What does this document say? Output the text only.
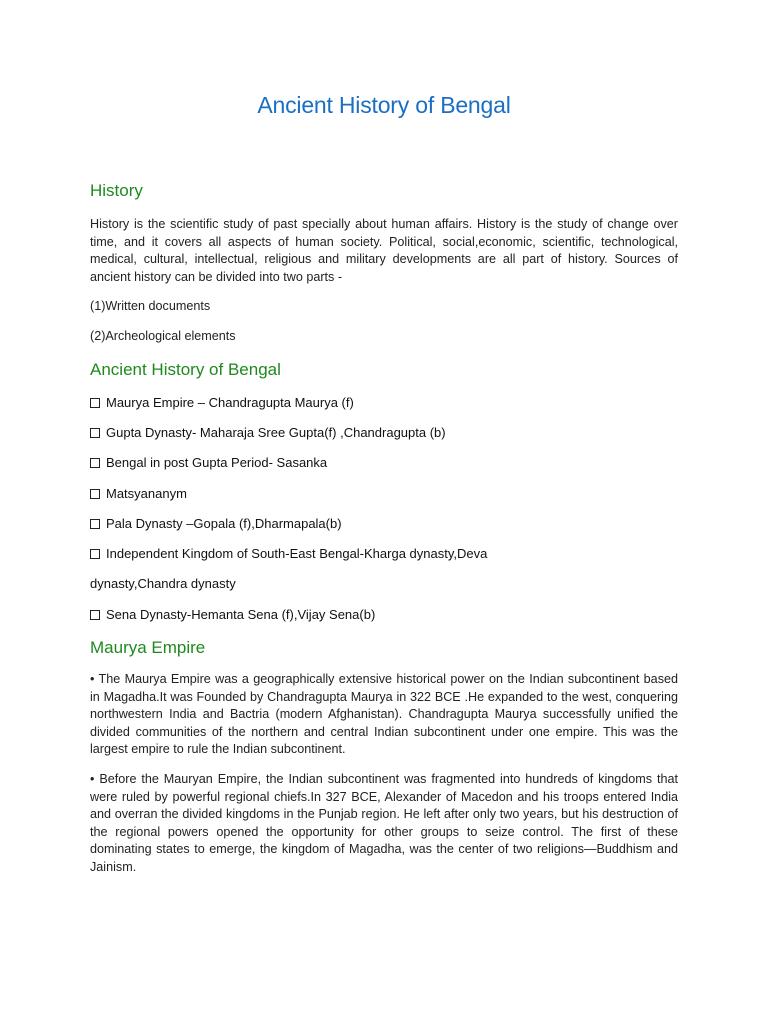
Ancient History of Bengal
History

History is the scientific study of past specially about human affairs. History is the study of change over time, and it covers all aspects of human society. Political, social,economic, scientific, technological, medical, cultural, intellectual, religious and military developments are all part of history. Sources of ancient history can be divided into two parts -

(1)Written documents

(2)Archeological elements

Ancient History of Bengal
Maurya Empire – Chandragupta Maurya (f)
Gupta Dynasty- Maharaja Sree Gupta(f) ,Chandragupta (b)
Bengal in post Gupta Period- Sasanka
Matsyananym
Pala Dynasty –Gopala (f),Dharmapala(b)
Independent Kingdom of South-East Bengal-Kharga dynasty,Deva
dynasty,Chandra dynasty
Sena Dynasty-Hemanta Sena (f),Vijay Sena(b)
Maurya Empire

• The Maurya Empire was a geographically extensive historical power on the Indian subcontinent based in Magadha.It was Founded by Chandragupta Maurya in 322 BCE .He expanded to the west, conquering northwestern India and Bactria (modern Afghanistan). Chandragupta Maurya successfully unified the divided communities of the northern and central Indian subcontinent under one empire. This was the largest empire to rule the Indian subcontinent.

• Before the Mauryan Empire, the Indian subcontinent was fragmented into hundreds of kingdoms that were ruled by powerful regional chiefs.In 327 BCE, Alexander of Macedon and his troops entered India and overran the divided kingdoms in the Punjab region. He left after only two years, but his destruction of the regional powers opened the opportunity for other groups to seize control. The first of these dominating states to emerge, the kingdom of Magadha, was the center of two religions—Buddhism and Jainism.
